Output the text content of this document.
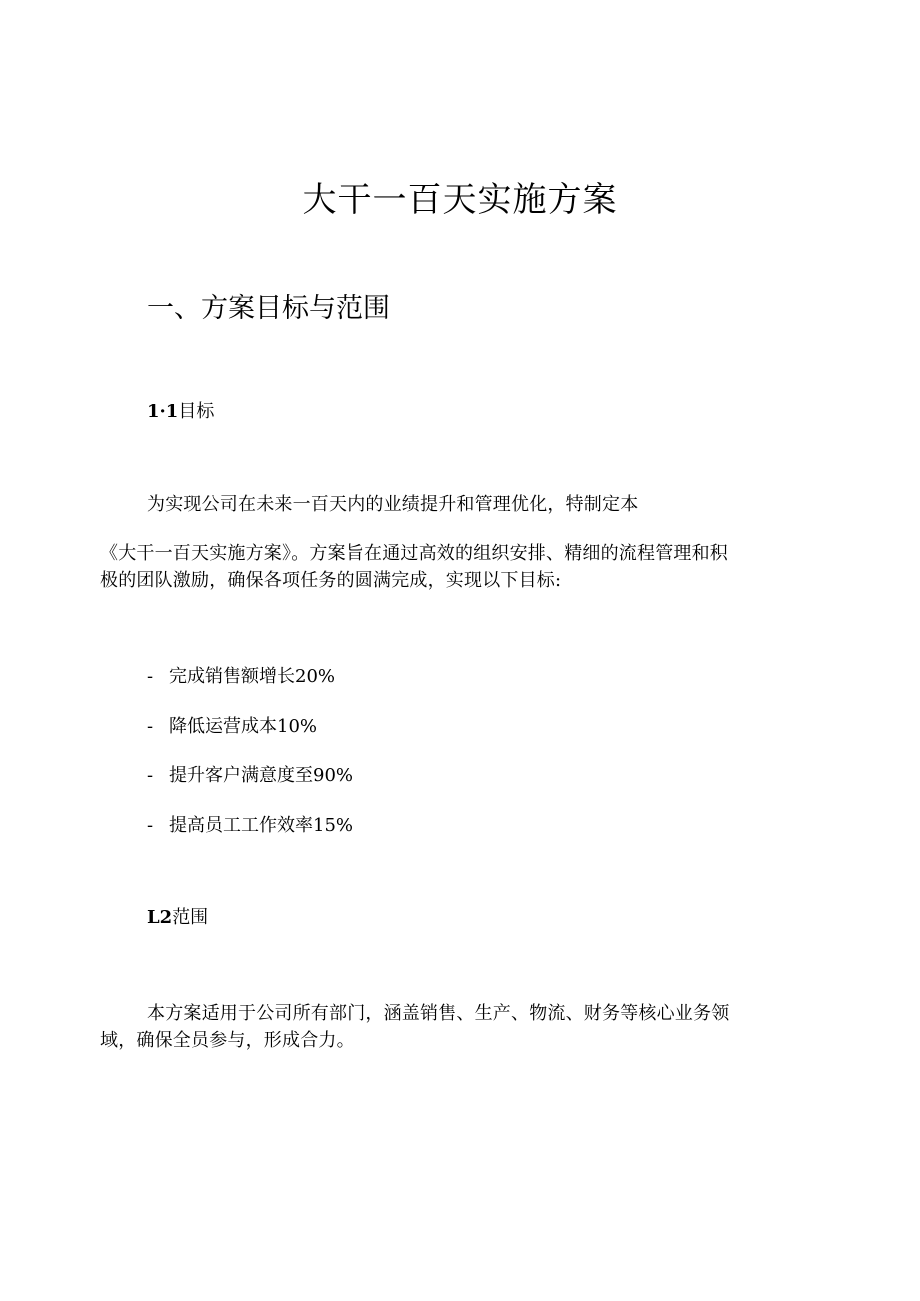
大干一百天实施方案
一、方案目标与范围
1·1目标

为实现公司在未来一百天内的业绩提升和管理优化，特制定本

《大干一百天实施方案》。方案旨在通过高效的组织安排、精细的流程管理和积

极的团队激励，确保各项任务的圆满完成，实现以下目标:

- 完成销售额增长20%
- 降低运营成本10%
- 提升客户满意度至90%
- 提高员工工作效率15%
L2范围

本方案适用于公司所有部门，涵盖销售、生产、物流、财务等核心业务领

域，确保全员参与，形成合力。
